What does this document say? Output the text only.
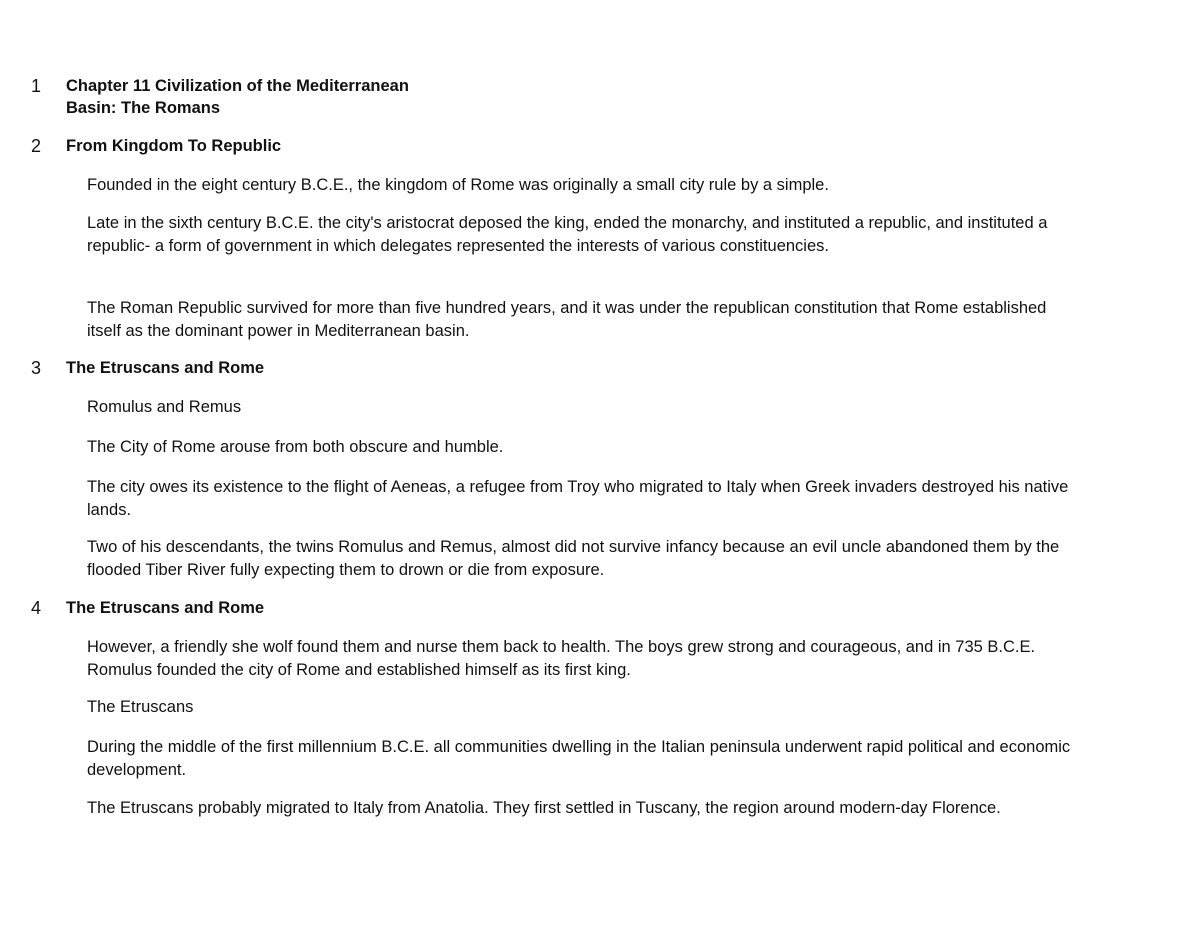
1 Chapter 11 Civilization of the Mediterranean
Basin: The Romans
2 From Kingdom To Republic
Founded in the eight century B.C.E., the kingdom of Rome was originally a small city rule by a simple.
Late in the sixth century B.C.E. the city's aristocrat deposed the king, ended the monarchy, and instituted a republic, and instituted a republic- a form of government in which delegates represented the interests of various constituencies.
The Roman Republic survived for more than five hundred years, and it was under the republican constitution that Rome established itself as the dominant power in Mediterranean basin.
3 The Etruscans and Rome
Romulus and Remus
The City of Rome arouse from both obscure and humble.
The city owes its existence to the flight of Aeneas, a refugee from Troy who migrated to Italy when Greek invaders destroyed his native lands.
Two of his descendants, the twins Romulus and Remus, almost did not survive infancy because an evil uncle abandoned them by the flooded Tiber River fully expecting them to drown or die from exposure.
4 The Etruscans and Rome
However, a friendly she wolf found them and nurse them back to health. The boys grew strong and courageous, and in 735 B.C.E. Romulus founded the city of Rome and established himself as its first king.
The Etruscans
During the middle of the first millennium B.C.E. all communities dwelling in the Italian peninsula underwent rapid political and economic development.
The Etruscans probably migrated to Italy from Anatolia. They first settled in Tuscany, the region around modern-day Florence.
